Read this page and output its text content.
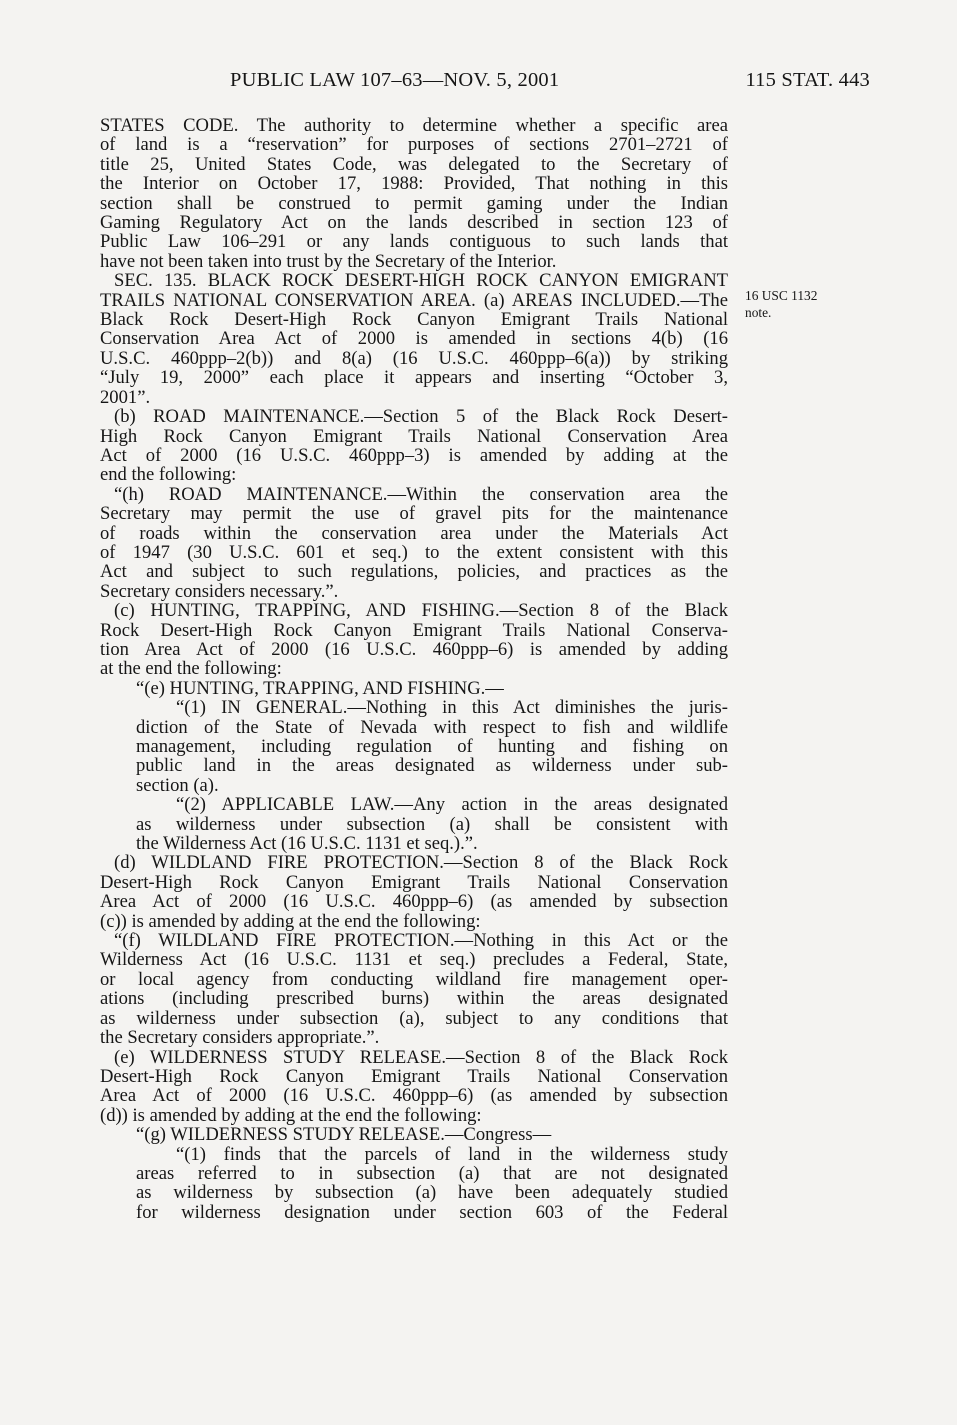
PUBLIC LAW 107–63—NOV. 5, 2001	115 STAT. 443
16 USC 1132
note.

STATES CODE. The authority to determine whether a specific area

of land is a “reservation” for purposes of sections 2701–2721 of

title 25, United States Code, was delegated to the Secretary of

the Interior on October 17, 1988: Provided, That nothing in this

section shall be construed to permit gaming under the Indian

Gaming Regulatory Act on the lands described in section 123 of

Public Law 106–291 or any lands contiguous to such lands that

have not been taken into trust by the Secretary of the Interior.

SEC. 135. BLACK ROCK DESERT-HIGH ROCK CANYON EMIGRANT

TRAILS NATIONAL CONSERVATION AREA. (a) AREAS INCLUDED.—The

Black Rock Desert-High Rock Canyon Emigrant Trails National

Conservation Area Act of 2000 is amended in sections 4(b) (16

U.S.C. 460ppp–2(b)) and 8(a) (16 U.S.C. 460ppp–6(a)) by striking

“July 19, 2000” each place it appears and inserting “October 3,

2001”.

(b) ROAD MAINTENANCE.—Section 5 of the Black Rock Desert-

High Rock Canyon Emigrant Trails National Conservation Area

Act of 2000 (16 U.S.C. 460ppp–3) is amended by adding at the

end the following:

“(h) ROAD MAINTENANCE.—Within the conservation area the

Secretary may permit the use of gravel pits for the maintenance

of roads within the conservation area under the Materials Act

of 1947 (30 U.S.C. 601 et seq.) to the extent consistent with this

Act and subject to such regulations, policies, and practices as the

Secretary considers necessary.”.

(c) HUNTING, TRAPPING, AND FISHING.—Section 8 of the Black

Rock Desert-High Rock Canyon Emigrant Trails National Conserva-

tion Area Act of 2000 (16 U.S.C. 460ppp–6) is amended by adding

at the end the following:

“(e) HUNTING, TRAPPING, AND FISHING.—

“(1) IN GENERAL.—Nothing in this Act diminishes the juris-

diction of the State of Nevada with respect to fish and wildlife

management, including regulation of hunting and fishing on

public land in the areas designated as wilderness under sub-

section (a).

“(2) APPLICABLE LAW.—Any action in the areas designated

as wilderness under subsection (a) shall be consistent with

the Wilderness Act (16 U.S.C. 1131 et seq.).”.

(d) WILDLAND FIRE PROTECTION.—Section 8 of the Black Rock

Desert-High Rock Canyon Emigrant Trails National Conservation

Area Act of 2000 (16 U.S.C. 460ppp–6) (as amended by subsection

(c)) is amended by adding at the end the following:

“(f) WILDLAND FIRE PROTECTION.—Nothing in this Act or the

Wilderness Act (16 U.S.C. 1131 et seq.) precludes a Federal, State,

or local agency from conducting wildland fire management oper-

ations (including prescribed burns) within the areas designated

as wilderness under subsection (a), subject to any conditions that

the Secretary considers appropriate.”.

(e) WILDERNESS STUDY RELEASE.—Section 8 of the Black Rock

Desert-High Rock Canyon Emigrant Trails National Conservation

Area Act of 2000 (16 U.S.C. 460ppp–6) (as amended by subsection

(d)) is amended by adding at the end the following:

“(g) WILDERNESS STUDY RELEASE.—Congress—

“(1) finds that the parcels of land in the wilderness study

areas referred to in subsection (a) that are not designated

as wilderness by subsection (a) have been adequately studied

for wilderness designation under section 603 of the Federal
